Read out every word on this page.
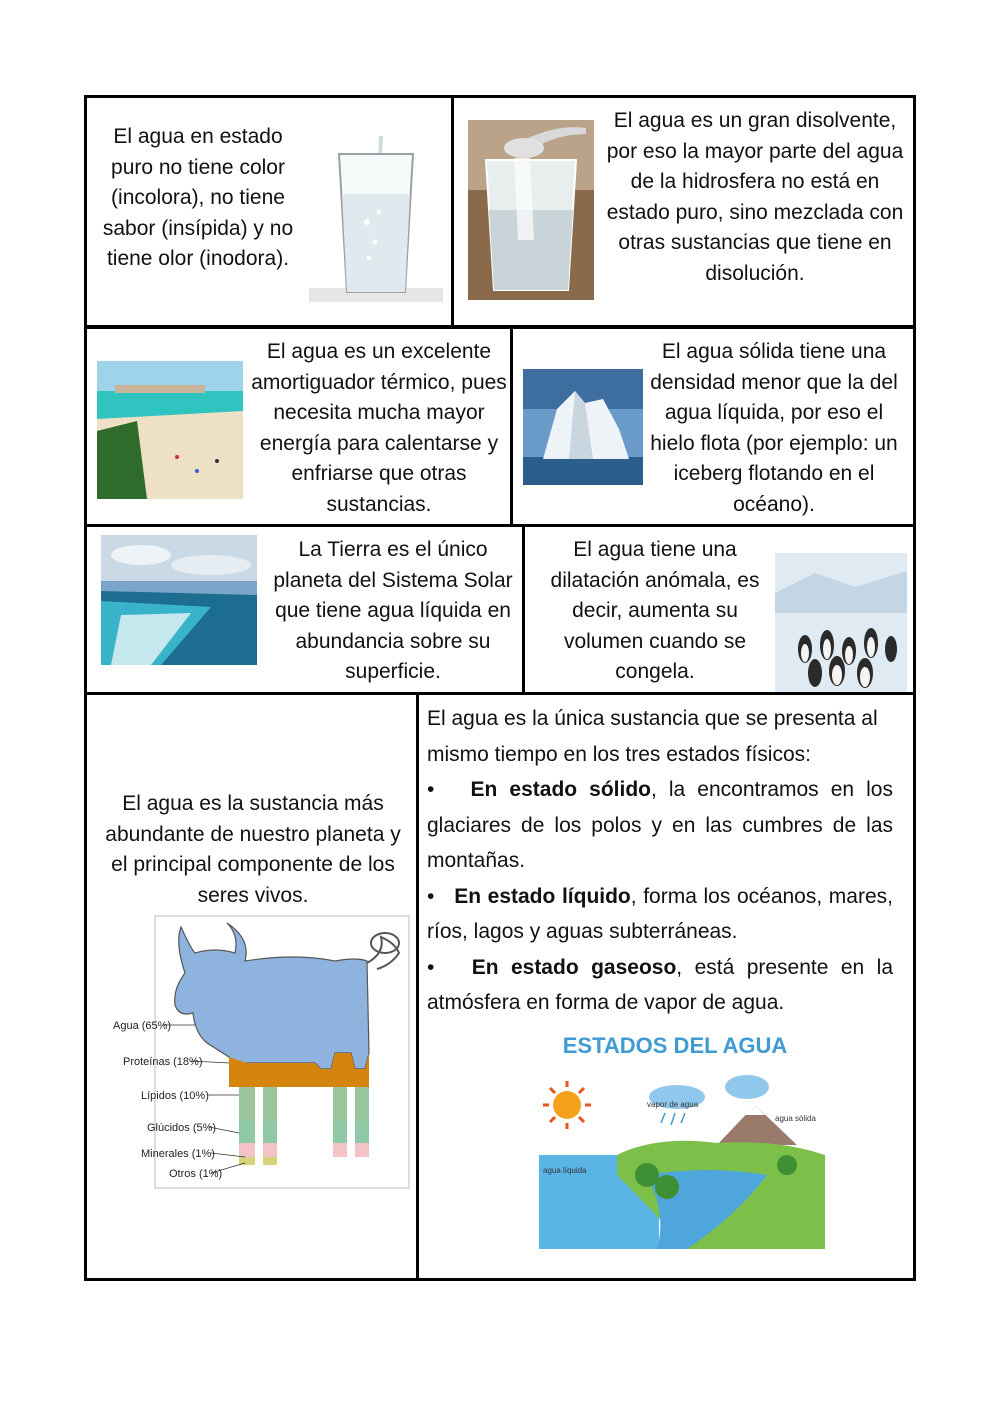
El agua en estado puro no tiene color (incolora), no tiene sabor (insípida) y no tiene olor (inodora).
El agua es un gran disolvente, por eso la mayor parte del agua de la hidrosfera no está en estado puro, sino mezclada con otras sustancias que tiene en disolución.
El agua es un excelente amortiguador térmico, pues necesita mucha mayor energía para calentarse y enfriarse que otras sustancias.
El agua sólida tiene una densidad menor que la del agua líquida, por eso el hielo flota (por ejemplo: un iceberg flotando en el océano).
La Tierra es el único planeta del Sistema Solar que tiene agua líquida en abundancia sobre su superficie.
El agua tiene una dilatación anómala, es decir, aumenta su volumen cuando se congela.
El agua es la sustancia más abundante de nuestro planeta y el principal componente de los seres vivos.
Agua (65%)
Proteínas (18%)
Lípidos (10%)
Glúcidos (5%)
Minerales (1%)
Otros (1%)

El agua es la única sustancia que se presenta al mismo tiempo en los tres estados físicos:

• En estado sólido, la encontramos en los glaciares de los polos y en las cumbres de las montañas.

• En estado líquido, forma los océanos, mares, ríos, lagos y aguas subterráneas.

• En estado gaseoso, está presente en la atmósfera en forma de vapor de agua.

ESTADOS DEL AGUA
vapor de agua
agua sólida
agua líquida
